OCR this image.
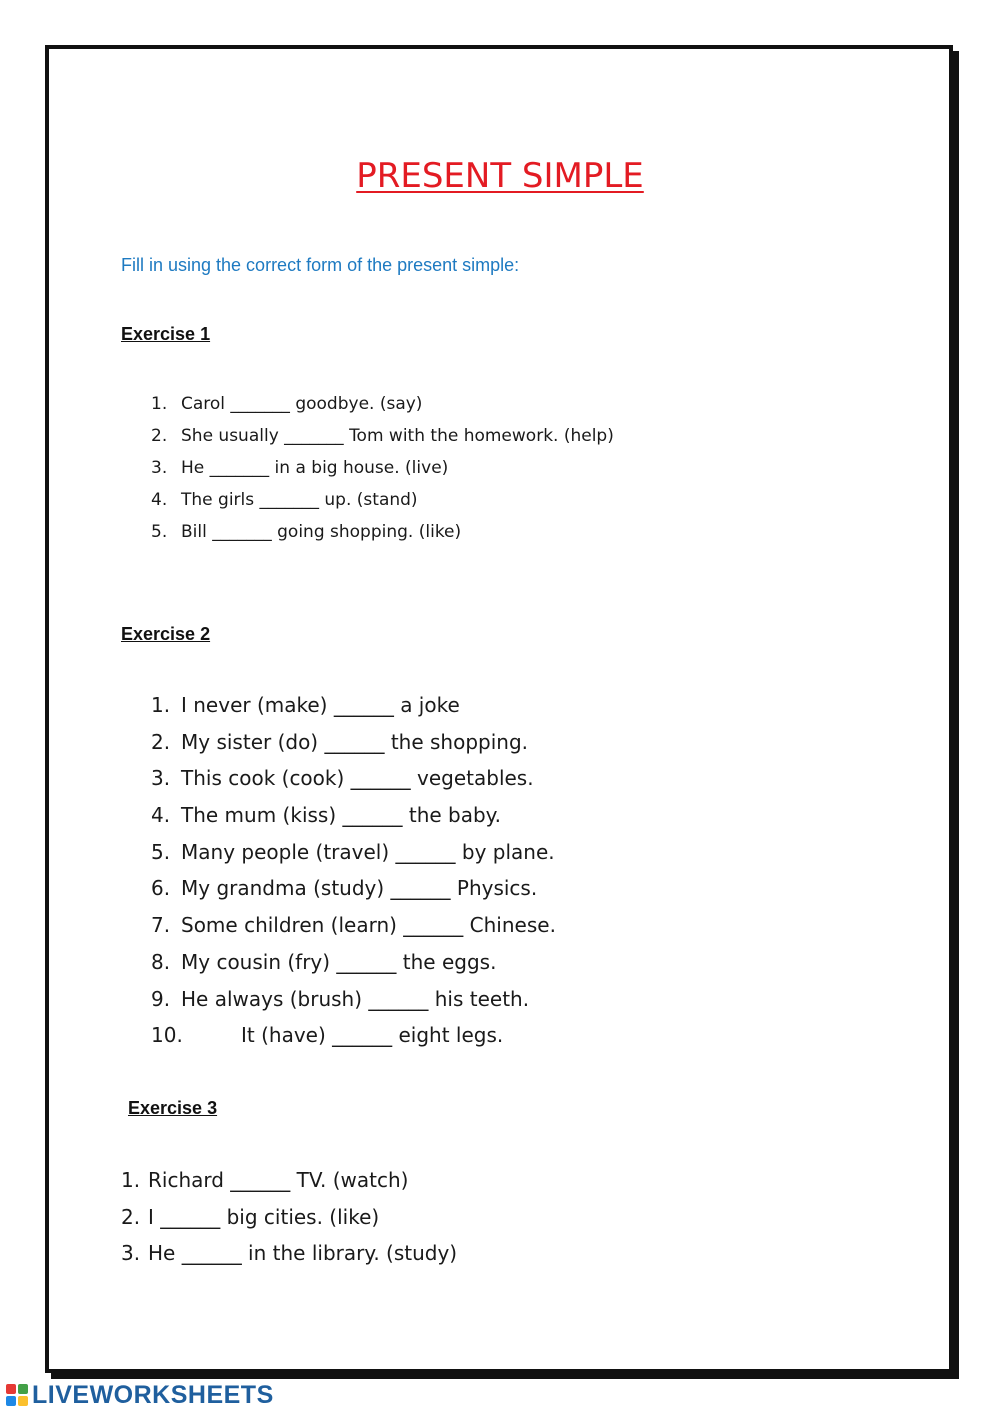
PRESENT SIMPLE

Fill in using the correct form of the present simple:

Exercise 1
1. Carol _______ goodbye. (say)
2. She usually _______ Tom with the homework. (help)
3. He _______ in a big house. (live)
4. The girls _______ up. (stand)
5. Bill _______ going shopping. (like)
Exercise 2
1. I never (make) ______ a joke
2. My sister (do) ______ the shopping.
3. This cook (cook) ______ vegetables.
4. The mum (kiss) ______ the baby.
5. Many people (travel) ______ by plane.
6. My grandma (study) ______ Physics.
7. Some children (learn) ______ Chinese.
8. My cousin (fry) ______ the eggs.
9. He always (brush) ______ his teeth.
10.	It (have) ______ eight legs.
Exercise 3
1. Richard ______ TV. (watch)
2. I ______ big cities. (like)
3. He ______ in the library. (study)
LIVEWORKSHEETS
